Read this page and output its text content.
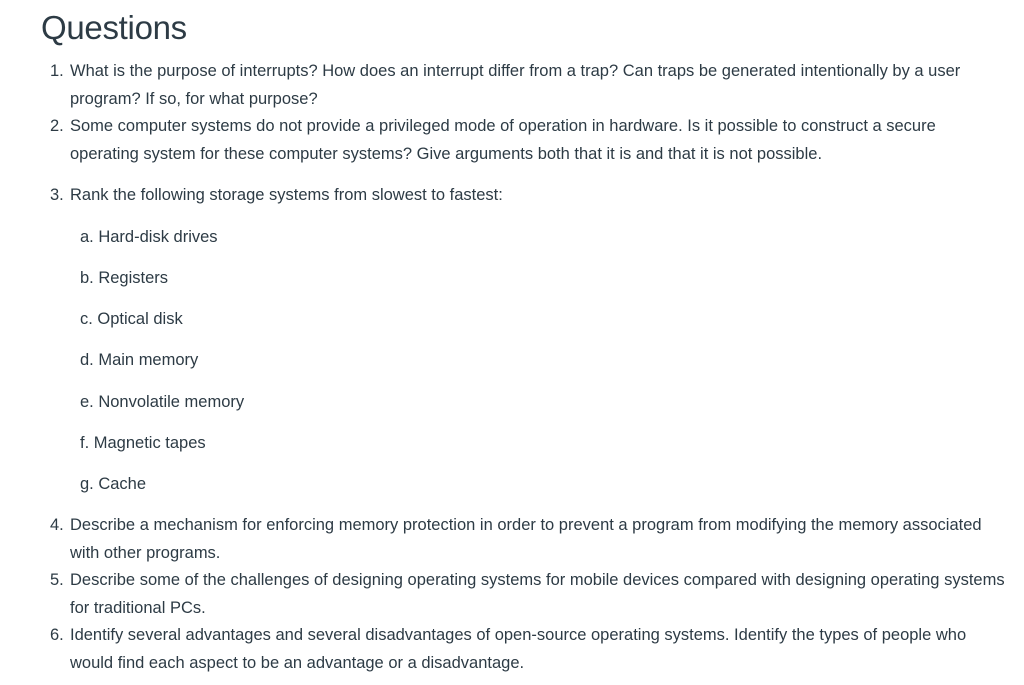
Questions
1. What is the purpose of interrupts? How does an interrupt differ from a trap? Can traps be generated intentionally by a user program? If so, for what purpose?
2. Some computer systems do not provide a privileged mode of operation in hardware. Is it possible to construct a secure operating system for these computer systems? Give arguments both that it is and that it is not possible.
3. Rank the following storage systems from slowest to fastest:
a. Hard-disk drives
b. Registers
c. Optical disk
d. Main memory
e. Nonvolatile memory
f. Magnetic tapes
g. Cache
4. Describe a mechanism for enforcing memory protection in order to prevent a program from modifying the memory associated with other programs.
5. Describe some of the challenges of designing operating systems for mobile devices compared with designing operating systems for traditional PCs.
6. Identify several advantages and several disadvantages of open-source operating systems. Identify the types of people who would find each aspect to be an advantage or a disadvantage.
